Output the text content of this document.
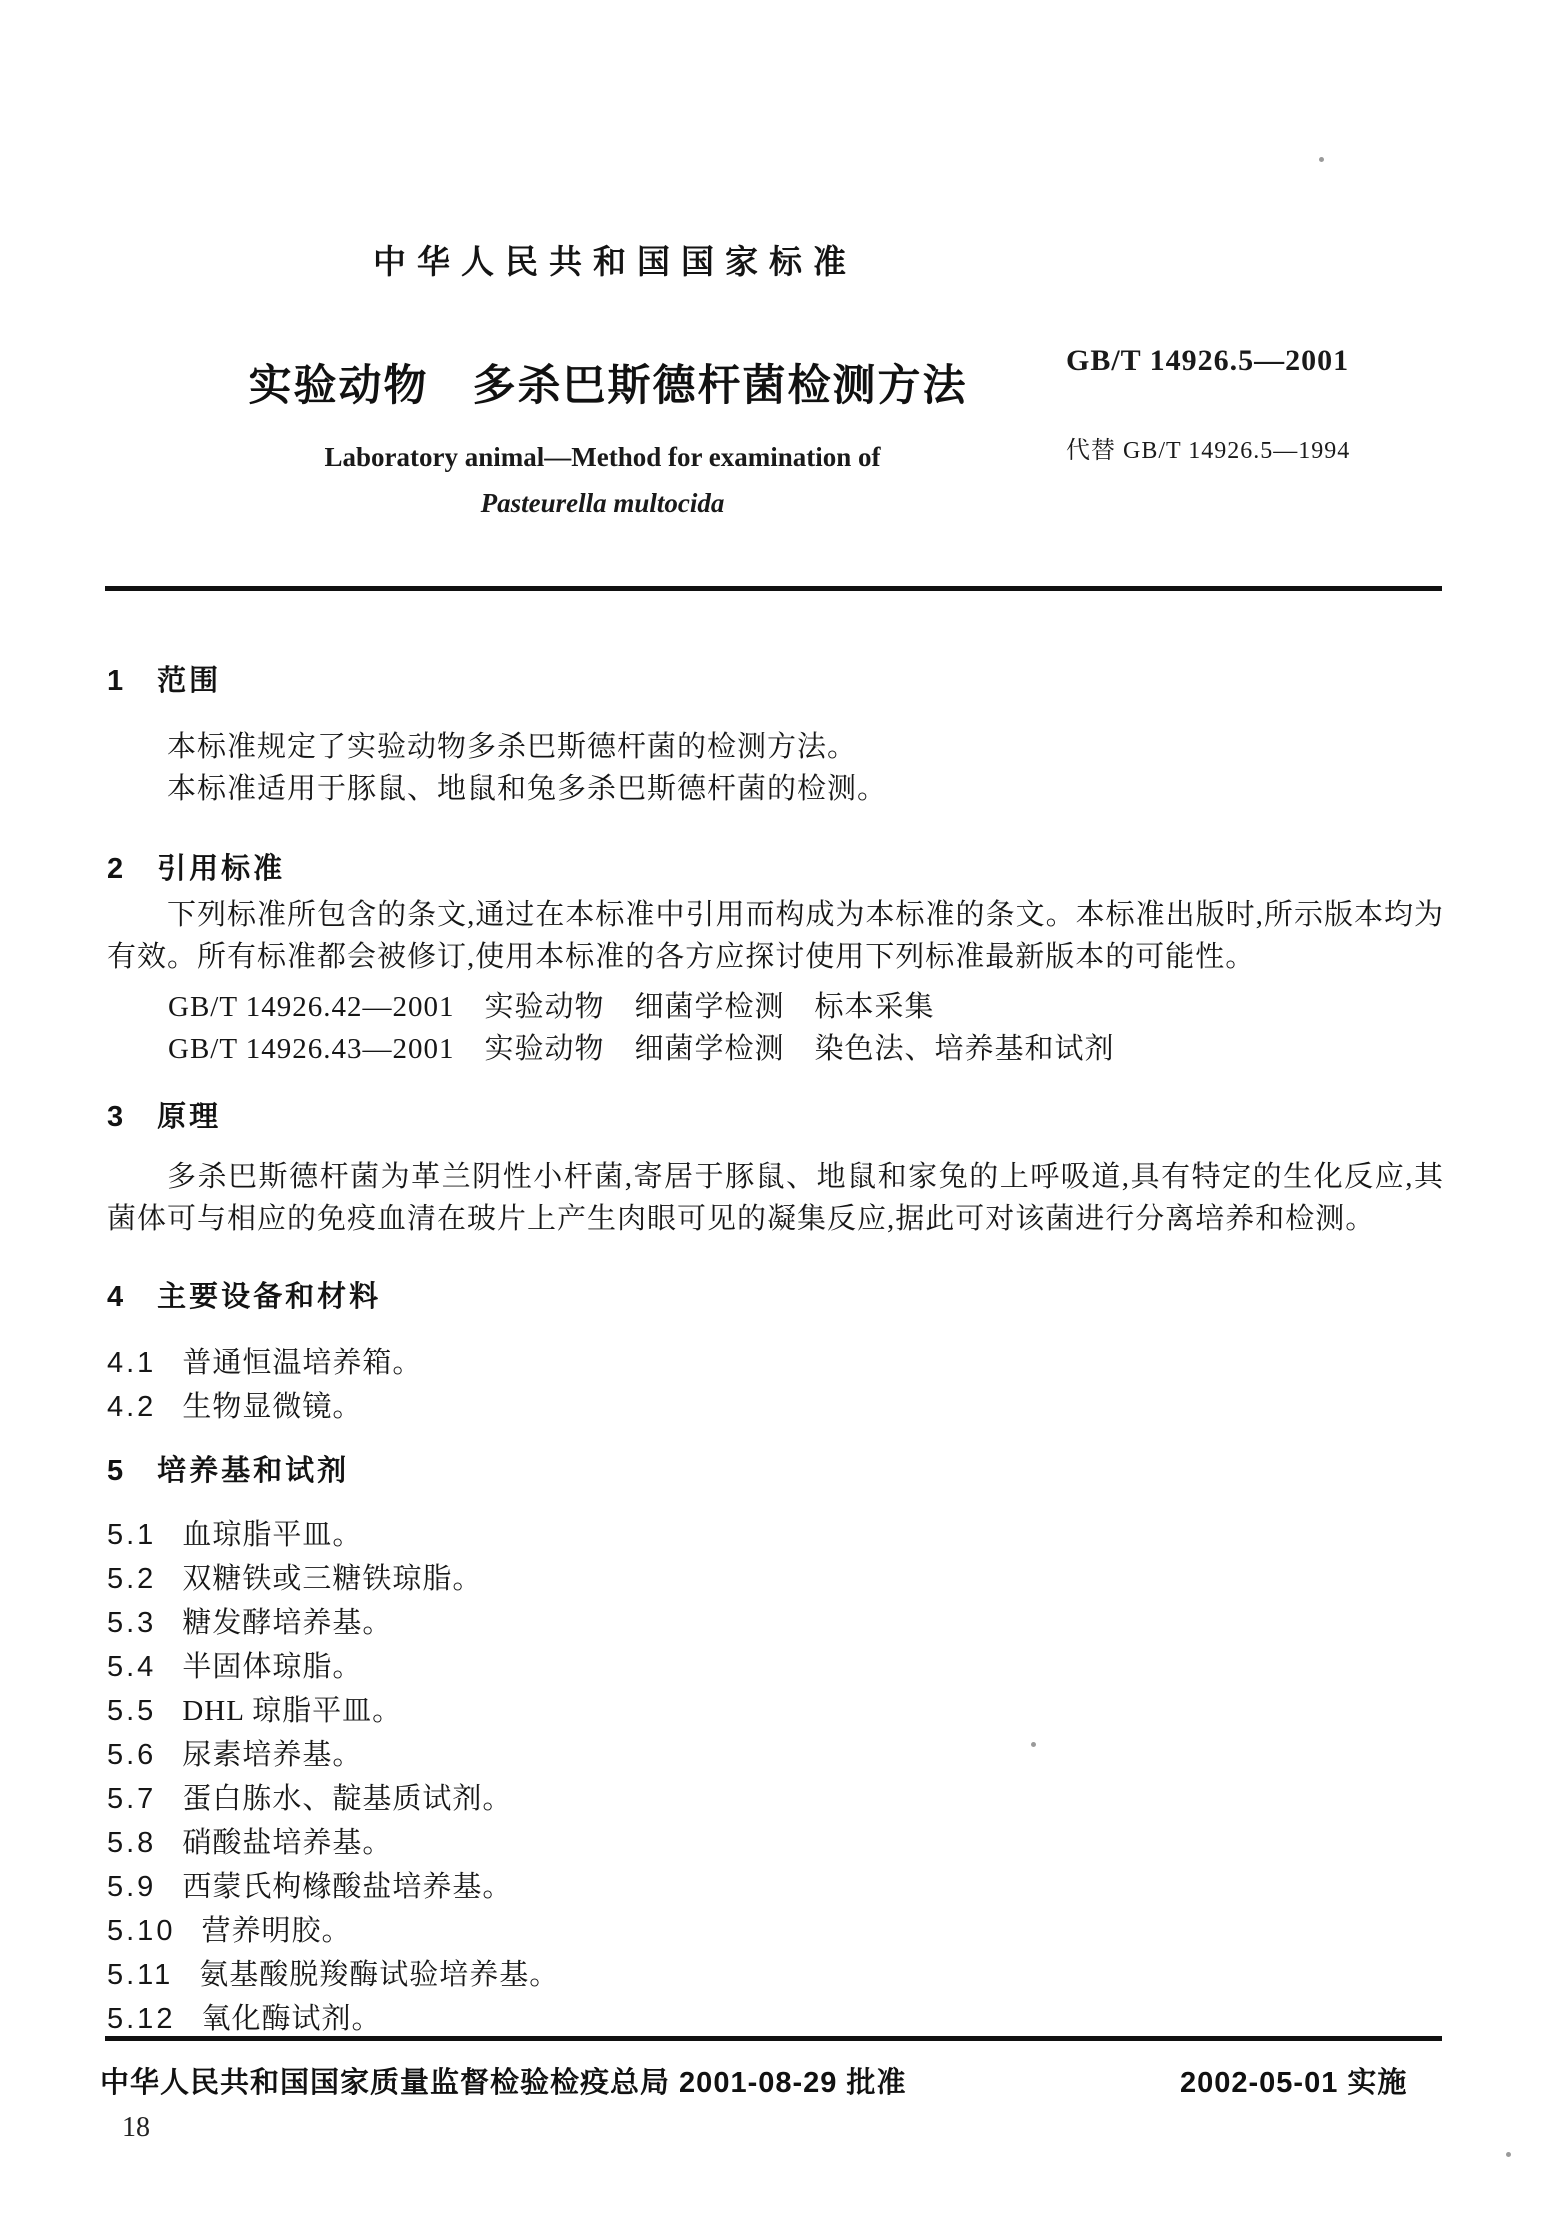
中华人民共和国国家标准
实验动物 多杀巴斯德杆菌检测方法
GB/T 14926.5—2001
代替 GB/T 14926.5—1994
Laboratory animal—Method for examination of
Pasteurella multocida
1 范围
本标准规定了实验动物多杀巴斯德杆菌的检测方法。
本标准适用于豚鼠、地鼠和兔多杀巴斯德杆菌的检测。
2 引用标准
下列标准所包含的条文,通过在本标准中引用而构成为本标准的条文。本标准出版时,所示版本均为有效。所有标准都会被修订,使用本标准的各方应探讨使用下列标准最新版本的可能性。
GB/T 14926.42—2001　实验动物　细菌学检测　标本采集
GB/T 14926.43—2001　实验动物　细菌学检测　染色法、培养基和试剂
3 原理
多杀巴斯德杆菌为革兰阴性小杆菌,寄居于豚鼠、地鼠和家兔的上呼吸道,具有特定的生化反应,其菌体可与相应的免疫血清在玻片上产生肉眼可见的凝集反应,据此可对该菌进行分离培养和检测。
4 主要设备和材料
4.1 普通恒温培养箱。
4.2 生物显微镜。
5 培养基和试剂
5.1 血琼脂平皿。
5.2 双糖铁或三糖铁琼脂。
5.3 糖发酵培养基。
5.4 半固体琼脂。
5.5 DHL 琼脂平皿。
5.6 尿素培养基。
5.7 蛋白胨水、靛基质试剂。
5.8 硝酸盐培养基。
5.9 西蒙氏枸橼酸盐培养基。
5.10 营养明胶。
5.11 氨基酸脱羧酶试验培养基。
5.12 氧化酶试剂。
中华人民共和国国家质量监督检验检疫总局 2001-08-29 批准	2002-05-01 实施
18
